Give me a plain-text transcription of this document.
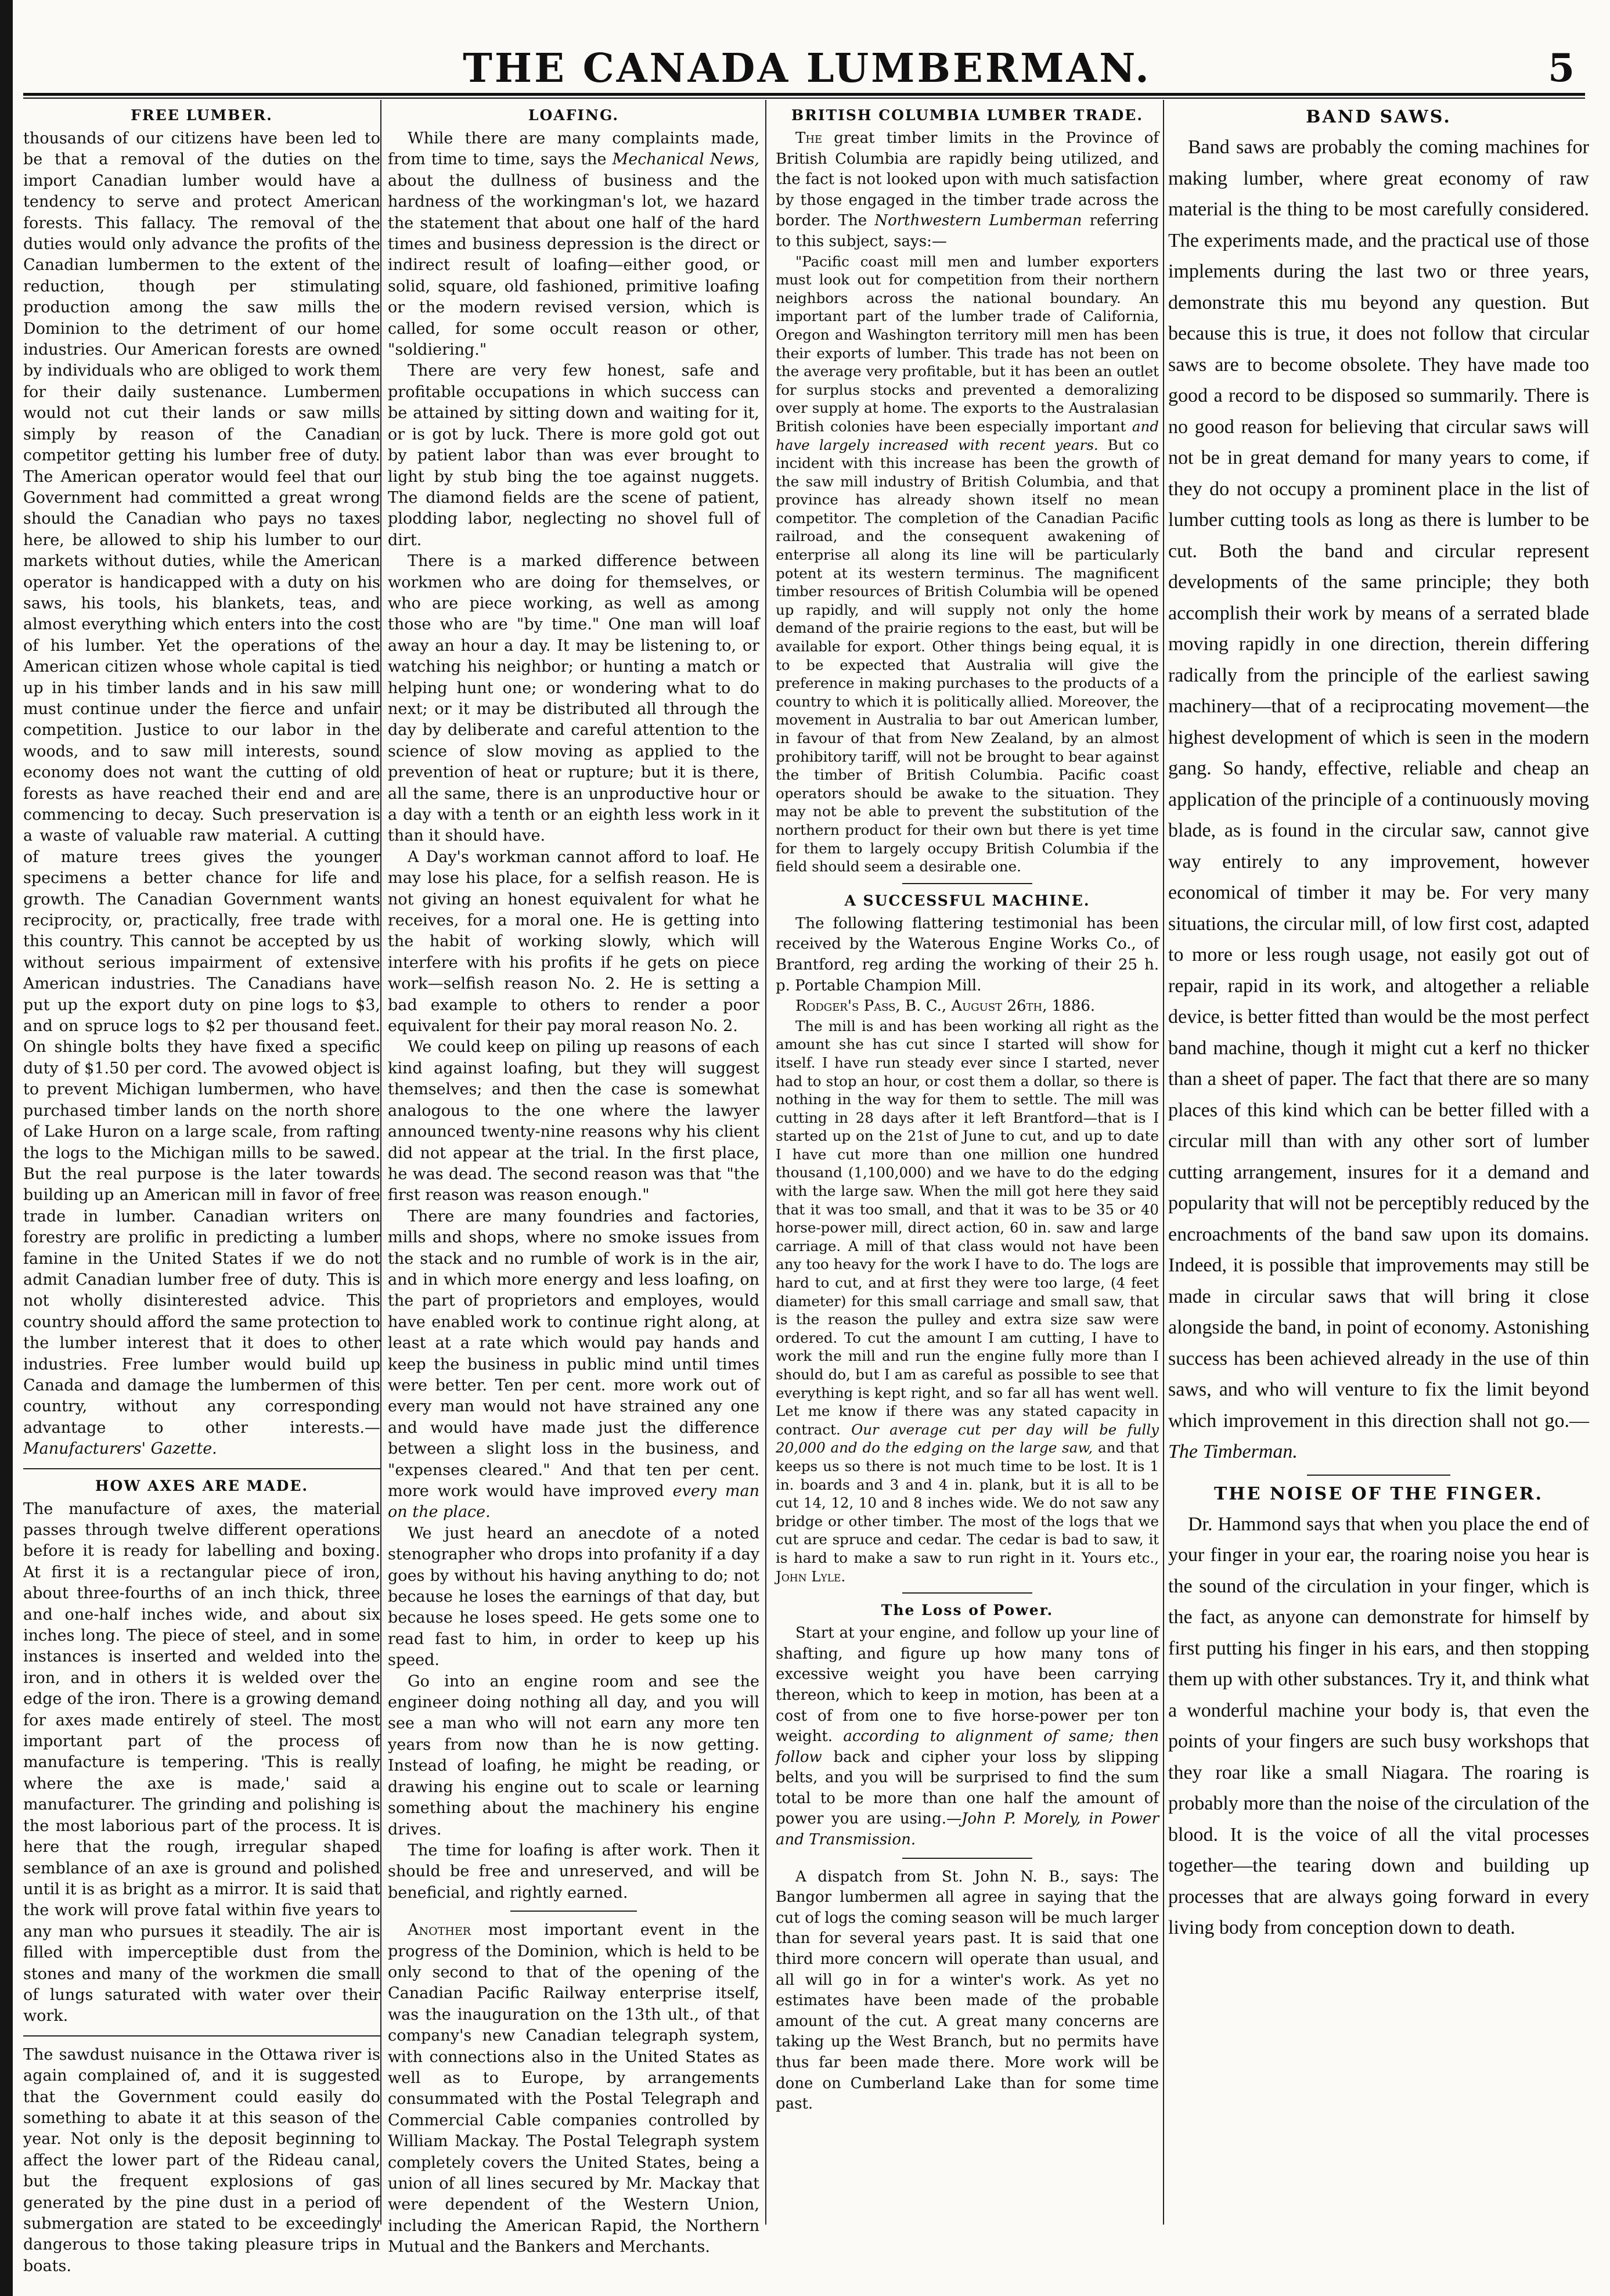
THE CANADA LUMBERMAN.	5
FREE LUMBER.

thousands of our citizens have been led to be that a removal of the duties on the import Canadian lumber would have a tendency to serve and protect American forests. This fallacy. The removal of the duties would only advance the profits of the Canadian lumbermen to the extent of the reduction, though per stimulating production among the saw mills the Dominion to the detriment of our home industries. Our American forests are owned by individuals who are obliged to work them for their daily sustenance. Lumbermen would not cut their lands or saw mills simply by reason of the Canadian competitor getting his lumber free of duty. The American operator would feel that our Government had committed a great wrong should the Canadian who pays no taxes here, be allowed to ship his lumber to our markets without duties, while the American operator is handicapped with a duty on his saws, his tools, his blankets, teas, and almost everything which enters into the cost of his lumber. Yet the operations of the American citizen whose whole capital is tied up in his timber lands and in his saw mill must continue under the fierce and unfair competition. Justice to our labor in the woods, and to saw mill interests, sound economy does not want the cutting of old forests as have reached their end and are commencing to decay. Such preservation is a waste of valuable raw material. A cutting of mature trees gives the younger specimens a better chance for life and growth. The Canadian Government wants reciprocity, or, practically, free trade with this country. This cannot be accepted by us without serious impairment of extensive American industries. The Canadians have put up the export duty on pine logs to $3, and on spruce logs to $2 per thousand feet. On shingle bolts they have fixed a specific duty of $1.50 per cord. The avowed object is to prevent Michigan lumbermen, who have purchased timber lands on the north shore of Lake Huron on a large scale, from rafting the logs to the Michigan mills to be sawed. But the real purpose is the later towards building up an American mill in favor of free trade in lumber. Canadian writers on forestry are prolific in predicting a lumber famine in the United States if we do not admit Canadian lumber free of duty. This is not wholly disinterested advice. This country should afford the same protection to the lumber interest that it does to other industries. Free lumber would build up Canada and damage the lumbermen of this country, without any corresponding advantage to other interests.—Manufacturers' Gazette.

HOW AXES ARE MADE.

The manufacture of axes, the material passes through twelve different operations before it is ready for labelling and boxing. At first it is a rectangular piece of iron, about three-fourths of an inch thick, three and one-half inches wide, and about six inches long. The piece of steel, and in some instances is inserted and welded into the iron, and in others it is welded over the edge of the iron. There is a growing demand for axes made entirely of steel. The most important part of the process of manufacture is tempering. 'This is really where the axe is made,' said a manufacturer. The grinding and polishing is the most laborious part of the process. It is here that the rough, irregular shaped semblance of an axe is ground and polished until it is as bright as a mirror. It is said that the work will prove fatal within five years to any man who pursues it steadily. The air is filled with imperceptible dust from the stones and many of the workmen die small of lungs saturated with water over their work.

The sawdust nuisance in the Ottawa river is again complained of, and it is suggested that the Government could easily do something to abate it at this season of the year. Not only is the deposit beginning to affect the lower part of the Rideau canal, but the frequent explosions of gas generated by the pine dust in a period of submergation are stated to be exceedingly dangerous to those taking pleasure trips in boats.

LOAFING.

While there are many complaints made, from time to time, says the Mechanical News, about the dullness of business and the hardness of the workingman's lot, we hazard the statement that about one half of the hard times and business depression is the direct or indirect result of loafing—either good, or solid, square, old fashioned, primitive loafing or the modern revised version, which is called, for some occult reason or other, "soldiering."

There are very few honest, safe and profitable occupations in which success can be attained by sitting down and waiting for it, or is got by luck. There is more gold got out by patient labor than was ever brought to light by stub bing the toe against nuggets. The diamond fields are the scene of patient, plodding labor, neglecting no shovel full of dirt.

There is a marked difference between workmen who are doing for themselves, or who are piece working, as well as among those who are "by time." One man will loaf away an hour a day. It may be listening to, or watching his neighbor; or hunting a match or helping hunt one; or wondering what to do next; or it may be distributed all through the day by deliberate and careful attention to the science of slow moving as applied to the prevention of heat or rupture; but it is there, all the same, there is an unproductive hour or a day with a tenth or an eighth less work in it than it should have.

A Day's workman cannot afford to loaf. He may lose his place, for a selfish reason. He is not giving an honest equivalent for what he receives, for a moral one. He is getting into the habit of working slowly, which will interfere with his profits if he gets on piece work—selfish reason No. 2. He is setting a bad example to others to render a poor equivalent for their pay moral reason No. 2.

We could keep on piling up reasons of each kind against loafing, but they will suggest themselves; and then the case is somewhat analogous to the one where the lawyer announced twenty-nine reasons why his client did not appear at the trial. In the first place, he was dead. The second reason was that "the first reason was reason enough."

There are many foundries and factories, mills and shops, where no smoke issues from the stack and no rumble of work is in the air, and in which more energy and less loafing, on the part of proprietors and employes, would have enabled work to continue right along, at least at a rate which would pay hands and keep the business in public mind until times were better. Ten per cent. more work out of every man would not have strained any one and would have made just the difference between a slight loss in the business, and "expenses cleared." And that ten per cent. more work would have improved every man on the place.

We just heard an anecdote of a noted stenographer who drops into profanity if a day goes by without his having anything to do; not because he loses the earnings of that day, but because he loses speed. He gets some one to read fast to him, in order to keep up his speed.

Go into an engine room and see the engineer doing nothing all day, and you will see a man who will not earn any more ten years from now than he is now getting. Instead of loafing, he might be reading, or drawing his engine out to scale or learning something about the machinery his engine drives.

The time for loafing is after work. Then it should be free and unreserved, and will be beneficial, and rightly earned.

Another most important event in the progress of the Dominion, which is held to be only second to that of the opening of the Canadian Pacific Railway enterprise itself, was the inauguration on the 13th ult., of that company's new Canadian telegraph system, with connections also in the United States as well as to Europe, by arrangements consummated with the Postal Telegraph and Commercial Cable companies controlled by William Mackay. The Postal Telegraph system completely covers the United States, being a union of all lines secured by Mr. Mackay that were dependent of the Western Union, including the American Rapid, the Northern Mutual and the Bankers and Merchants.

BRITISH COLUMBIA LUMBER TRADE.

The great timber limits in the Province of British Columbia are rapidly being utilized, and the fact is not looked upon with much satisfaction by those engaged in the timber trade across the border. The Northwestern Lumberman referring to this subject, says:—

"Pacific coast mill men and lumber exporters must look out for competition from their northern neighbors across the national boundary. An important part of the lumber trade of California, Oregon and Washington territory mill men has been their exports of lumber. This trade has not been on the average very profitable, but it has been an outlet for surplus stocks and prevented a demoralizing over supply at home. The exports to the Australasian British colonies have been especially important and have largely increased with recent years. But co incident with this increase has been the growth of the saw mill industry of British Columbia, and that province has already shown itself no mean competitor. The completion of the Canadian Pacific railroad, and the consequent awakening of enterprise all along its line will be particularly potent at its western terminus. The magnificent timber resources of British Columbia will be opened up rapidly, and will supply not only the home demand of the prairie regions to the east, but will be available for export. Other things being equal, it is to be expected that Australia will give the preference in making purchases to the products of a country to which it is politically allied. Moreover, the movement in Australia to bar out American lumber, in favour of that from New Zealand, by an almost prohibitory tariff, will not be brought to bear against the timber of British Columbia. Pacific coast operators should be awake to the situation. They may not be able to prevent the substitution of the northern product for their own but there is yet time for them to largely occupy British Columbia if the field should seem a desirable one.

A SUCCESSFUL MACHINE.

The following flattering testimonial has been received by the Waterous Engine Works Co., of Brantford, reg arding the working of their 25 h. p. Portable Champion Mill.

Rodger's Pass, B. C., August 26th, 1886.

The mill is and has been working all right as the amount she has cut since I started will show for itself. I have run steady ever since I started, never had to stop an hour, or cost them a dollar, so there is nothing in the way for them to settle. The mill was cutting in 28 days after it left Brantford—that is I started up on the 21st of June to cut, and up to date I have cut more than one million one hundred thousand (1,100,000) and we have to do the edging with the large saw. When the mill got here they said that it was too small, and that it was to be 35 or 40 horse-power mill, direct action, 60 in. saw and large carriage. A mill of that class would not have been any too heavy for the work I have to do. The logs are hard to cut, and at first they were too large, (4 feet diameter) for this small carriage and small saw, that is the reason the pulley and extra size saw were ordered. To cut the amount I am cutting, I have to work the mill and run the engine fully more than I should do, but I am as careful as possible to see that everything is kept right, and so far all has went well. Let me know if there was any stated capacity in contract. Our average cut per day will be fully 20,000 and do the edging on the large saw, and that keeps us so there is not much time to be lost. It is 1 in. boards and 3 and 4 in. plank, but it is all to be cut 14, 12, 10 and 8 inches wide. We do not saw any bridge or other timber. The most of the logs that we cut are spruce and cedar. The cedar is bad to saw, it is hard to make a saw to run right in it. Yours etc., John Lyle.

The Loss of Power.

Start at your engine, and follow up your line of shafting, and figure up how many tons of excessive weight you have been carrying thereon, which to keep in motion, has been at a cost of from one to five horse-power per ton weight. according to alignment of same; then follow back and cipher your loss by slipping belts, and you will be surprised to find the sum total to be more than one half the amount of power you are using.—John P. Morely, in Power and Transmission.

A dispatch from St. John N. B., says: The Bangor lumbermen all agree in saying that the cut of logs the coming season will be much larger than for several years past. It is said that one third more concern will operate than usual, and all will go in for a winter's work. As yet no estimates have been made of the probable amount of the cut. A great many concerns are taking up the West Branch, but no permits have thus far been made there. More work will be done on Cumberland Lake than for some time past.

BAND SAWS.

Band saws are probably the coming machines for making lumber, where great economy of raw material is the thing to be most carefully considered. The experiments made, and the practical use of those implements during the last two or three years, demonstrate this mu beyond any question. But because this is true, it does not follow that circular saws are to become obsolete. They have made too good a record to be disposed so summarily. There is no good reason for believing that circular saws will not be in great demand for many years to come, if they do not occupy a prominent place in the list of lumber cutting tools as long as there is lumber to be cut. Both the band and circular represent developments of the same principle; they both accomplish their work by means of a serrated blade moving rapidly in one direction, therein differing radically from the principle of the earliest sawing machinery—that of a reciprocating movement—the highest development of which is seen in the modern gang. So handy, effective, reliable and cheap an application of the principle of a continuously moving blade, as is found in the circular saw, cannot give way entirely to any improvement, however economical of timber it may be. For very many situations, the circular mill, of low first cost, adapted to more or less rough usage, not easily got out of repair, rapid in its work, and altogether a reliable device, is better fitted than would be the most perfect band machine, though it might cut a kerf no thicker than a sheet of paper. The fact that there are so many places of this kind which can be better filled with a circular mill than with any other sort of lumber cutting arrangement, insures for it a demand and popularity that will not be perceptibly reduced by the encroachments of the band saw upon its domains. Indeed, it is possible that improvements may still be made in circular saws that will bring it close alongside the band, in point of economy. Astonishing success has been achieved already in the use of thin saws, and who will venture to fix the limit beyond which improvement in this direction shall not go.—The Timberman.

THE NOISE OF THE FINGER.

Dr. Hammond says that when you place the end of your finger in your ear, the roaring noise you hear is the sound of the circulation in your finger, which is the fact, as anyone can demonstrate for himself by first putting his finger in his ears, and then stopping them up with other substances. Try it, and think what a wonderful machine your body is, that even the points of your fingers are such busy workshops that they roar like a small Niagara. The roaring is probably more than the noise of the circulation of the blood. It is the voice of all the vital processes together—the tearing down and building up processes that are always going forward in every living body from conception down to death.
